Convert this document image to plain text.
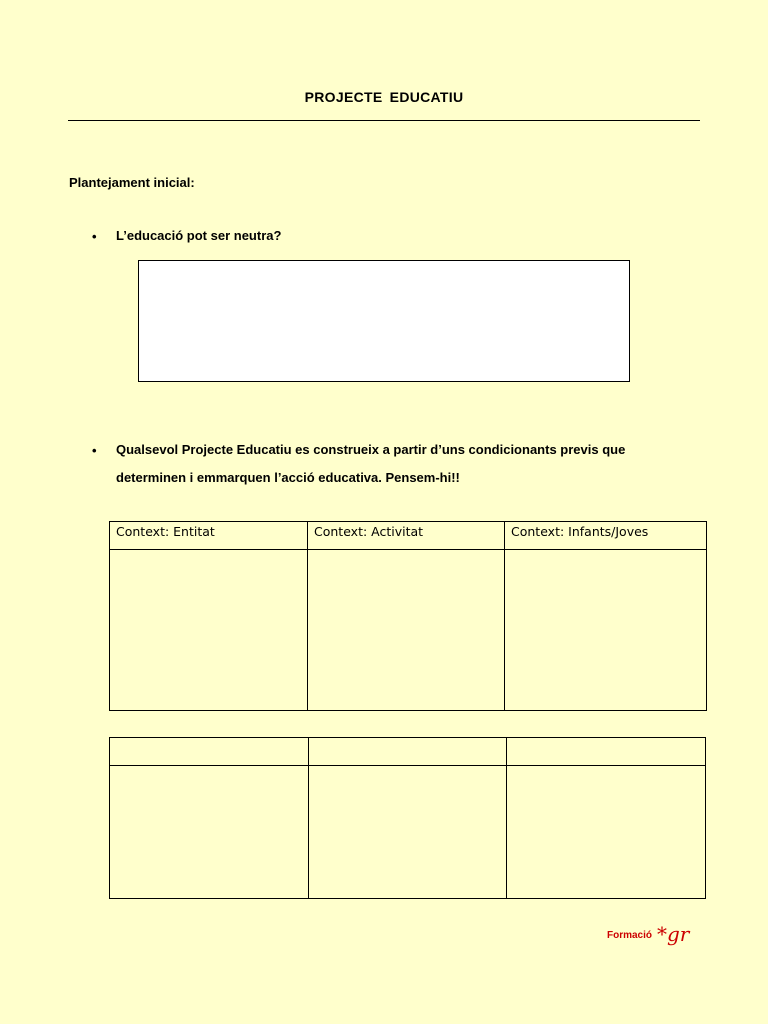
PROJECTE EDUCATIU
Plantejament inicial:
• L’educació pot ser neutra?
• Qualsevol Projecte Educatiu es construeix a partir d’uns condicionants previs que determinen i emmarquen l’acció educativa. Pensem-hi!!
Context: Entitat	Context: Activitat	Context: Infants/Joves

Formació *gr
